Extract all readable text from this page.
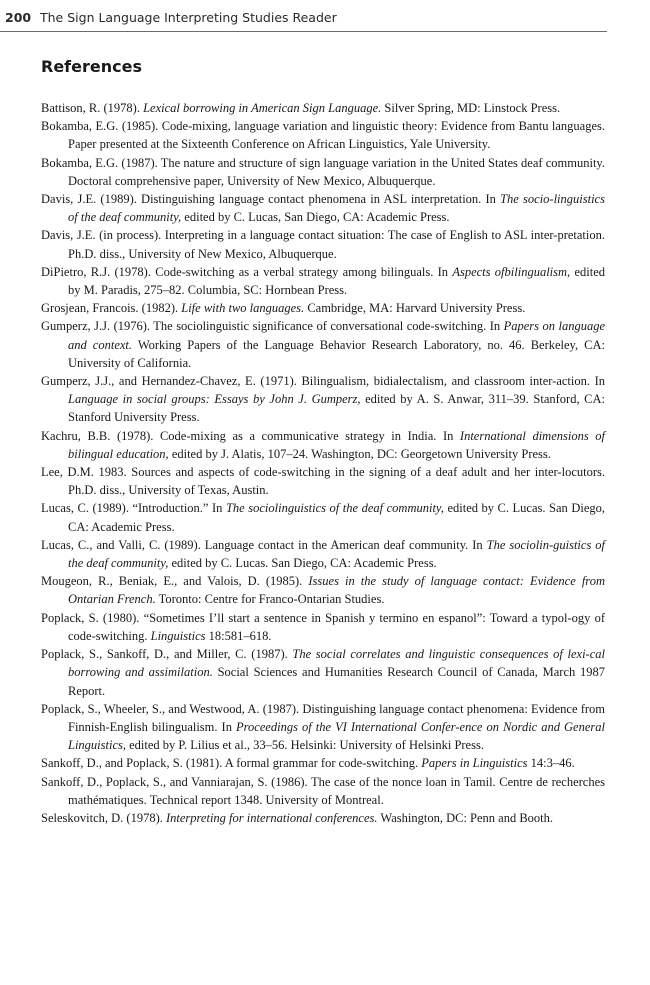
200 The Sign Language Interpreting Studies Reader
References
Battison, R. (1978). Lexical borrowing in American Sign Language. Silver Spring, MD: Linstock Press.
Bokamba, E.G. (1985). Code-mixing, language variation and linguistic theory: Evidence from Bantu languages. Paper presented at the Sixteenth Conference on African Linguistics, Yale University.
Bokamba, E.G. (1987). The nature and structure of sign language variation in the United States deaf community. Doctoral comprehensive paper, University of New Mexico, Albuquerque.
Davis, J.E. (1989). Distinguishing language contact phenomena in ASL interpretation. In The socio-linguistics of the deaf community, edited by C. Lucas, San Diego, CA: Academic Press.
Davis, J.E. (in process). Interpreting in a language contact situation: The case of English to ASL inter-pretation. Ph.D. diss., University of New Mexico, Albuquerque.
DiPietro, R.J. (1978). Code-switching as a verbal strategy among bilinguals. In Aspects ofbilingualism, edited by M. Paradis, 275–82. Columbia, SC: Hornbean Press.
Grosjean, Francois. (1982). Life with two languages. Cambridge, MA: Harvard University Press.
Gumperz, J.J. (1976). The sociolinguistic significance of conversational code-switching. In Papers on language and context. Working Papers of the Language Behavior Research Laboratory, no. 46. Berkeley, CA: University of California.
Gumperz, J.J., and Hernandez-Chavez, E. (1971). Bilingualism, bidialectalism, and classroom inter-action. In Language in social groups: Essays by John J. Gumperz, edited by A. S. Anwar, 311–39. Stanford, CA: Stanford University Press.
Kachru, B.B. (1978). Code-mixing as a communicative strategy in India. In International dimensions of bilingual education, edited by J. Alatis, 107–24. Washington, DC: Georgetown University Press.
Lee, D.M. 1983. Sources and aspects of code-switching in the signing of a deaf adult and her inter-locutors. Ph.D. diss., University of Texas, Austin.
Lucas, C. (1989). “Introduction.” In The sociolinguistics of the deaf community, edited by C. Lucas. San Diego, CA: Academic Press.
Lucas, C., and Valli, C. (1989). Language contact in the American deaf community. In The sociolin-guistics of the deaf community, edited by C. Lucas. San Diego, CA: Academic Press.
Mougeon, R., Beniak, E., and Valois, D. (1985). Issues in the study of language contact: Evidence from Ontarian French. Toronto: Centre for Franco-Ontarian Studies.
Poplack, S. (1980). “Sometimes I’ll start a sentence in Spanish y termino en espanol”: Toward a typol-ogy of code-switching. Linguistics 18:581–618.
Poplack, S., Sankoff, D., and Miller, C. (1987). The social correlates and linguistic consequences of lexi-cal borrowing and assimilation. Social Sciences and Humanities Research Council of Canada, March 1987 Report.
Poplack, S., Wheeler, S., and Westwood, A. (1987). Distinguishing language contact phenomena: Evidence from Finnish-English bilingualism. In Proceedings of the VI International Confer-ence on Nordic and General Linguistics, edited by P. Lilius et al., 33–56. Helsinki: University of Helsinki Press.
Sankoff, D., and Poplack, S. (1981). A formal grammar for code-switching. Papers in Linguistics 14:3–46.
Sankoff, D., Poplack, S., and Vanniarajan, S. (1986). The case of the nonce loan in Tamil. Centre de recherches mathématiques. Technical report 1348. University of Montreal.
Seleskovitch, D. (1978). Interpreting for international conferences. Washington, DC: Penn and Booth.
